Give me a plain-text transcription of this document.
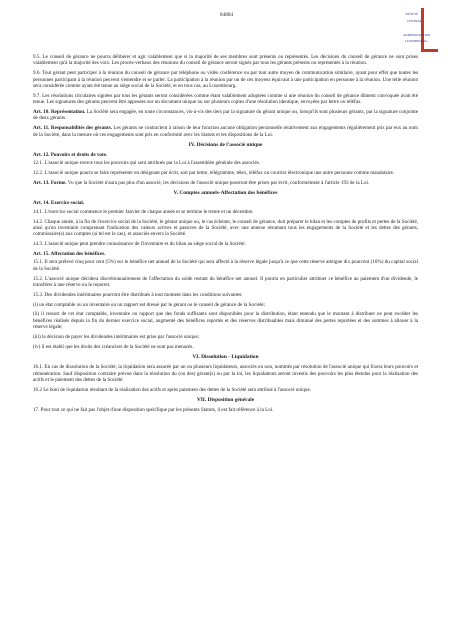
84804	SOCIÉTÉ
CENTRAL
ADMINISTRATION
LUXEMBOURG

9.5. Le conseil de gérance ne pourra délibérer et agir valablement que si la majorité de ses membres sont présents ou représentés. Les décisions du conseil de gérance ne sont prises valablement qu'à la majorité des voix. Les procès-verbaux des réunions du conseil de gérance seront signés par tous les gérants présents ou représentés à la réunion.

9.6. Tout gérant peut participer à la réunion du conseil de gérance par téléphone ou vidéo conférence ou par tout autre moyen de communication similaire, ayant pour effet que toutes les personnes participant à la réunion peuvent s'entendre et se parler. La participation à la réunion par un de ces moyens équivaut à une participation en personne à la réunion. Une telle réunion sera considérée comme ayant été tenue au siège social de la Société, et en tous cas, au Luxembourg.

9.7. Les résolutions circulaires signées par tous les gérants seront considérées comme étant valablement adoptées comme si une réunion du conseil de gérance dûment convoquée avait été tenue. Les signatures des gérants peuvent être apposées sur un document unique ou sur plusieurs copies d'une résolution identique, envoyées par lettre ou téléfax.

Art. 10. Représentation. La Société sera engagée, en toute circonstances, vis-à-vis des tiers par la signature du gérant unique ou, lorsqu'ils sont plusieurs gérants, par la signature conjointe de deux gérants.

Art. 11. Responsabilités des gérants. Les gérants ne contractent à raison de leur fonction aucune obligation personnelle relativement aux engagements régulièrement pris par eux au nom de la Société, dans la mesure où ces engagements sont pris en conformité avec les Statuts et les dispositions de la Loi.

IV. Décisions de l'associé unique

Art. 12. Pouvoirs et droits de vote.

12.1. L'associé unique exerce tous les pouvoirs qui sont attribués par la Loi à l'assemblée générale des associés.

12.2. L'associé unique pourra se faire représenter en désignant par écrit, soit par lettre, télégramme, télex, téléfax ou courrier électronique une autre personne comme mandataire.

Art. 13. Forme. Vu que la Société n'aura pas plus d'un associé, les décisions de l'associé unique pourront être prises par écrit, conformément à l'article 193 de la Loi.

V. Comptes annuels-Affectation des bénéfices

Art. 14. Exercice social.

14.1. L'exercice social commence le premier Janvier de chaque année et se termine le trente et un décembre.

14.2. Chaque année, à la fin de l'exercice social de la Société, le gérant unique ou, le cas échéant, le conseil de gérance, doit préparer le bilan et les comptes de profits et pertes de la Société, ainsi qu'un inventaire comprenant l'indication des valeurs actives et passives de la Société, avec une annexe résumant tous les engagements de la Société et les dettes des gérants, commissaire(s) aux comptes (si tel est le cas), et associés envers la Société.

14.3. L'associé unique peut prendre connaissance de l'inventaire et du bilan au siège social de la Société.

Art. 15. Affectation des bénéfices.

15.1. Il sera prélevé cinq pour cent (5%) sur le bénéfice net annuel de la Société qui sera affecté à la réserve légale jusqu'à ce que cette réserve atteigne dix pourcent (10%) du capital social de la Société.

15.2. L'associé unique décidera discrétionnairement de l'affectation du solde restant du bénéfice net annuel. Il pourra en particulier attribuer ce bénéfice au paiement d'un dividende, le transférer à une réserve ou le reporter.

15.3. Des dividendes intérimaires pourront être distribués à tout moment dans les conditions suivantes:

(i) un état comptable ou un inventaire ou un rapport est dressé par le gérant ou le conseil de gérance de la Société;

(ii) il ressort de cet état comptable, inventaire ou rapport que des fonds suffisants sont disponibles pour la distribution, étant entendu que le montant à distribuer ne peut excéder les bénéfices réalisés depuis la fin du dernier exercice social, augmenté des bénéfices reportés et des réserves distribuables mais diminué des pertes reportées et des sommes à allouer à la réserve légale;

(iii) la décision de payer les dividendes intérimaires est prise par l'associé unique;

(iv) il est établi que les droits des créanciers de la Société ne sont pas menacés.

VI. Dissolution - Liquidation

16.1. En cas de dissolution de la Société, la liquidation sera assurée par un ou plusieurs liquidateurs, associés ou non, nommés par résolution de l'associé unique qui fixera leurs pouvoirs et rémunération. Sauf disposition contraire prévue dans la résolution du (ou des) gérant(s) ou par la loi, les liquidateurs seront investis des pouvoirs les plus étendus pour la réalisation des actifs et le paiement des dettes de la Société.

16.2 Le boni de liquidation résultant de la réalisation des actifs et après paiement des dettes de la Société sera attribué à l'associé unique.

VII. Disposition générale

17. Pour tout ce qui ne fait pas l'objet d'une disposition spécifique par les présents Statuts, il est fait référence à la Loi.
